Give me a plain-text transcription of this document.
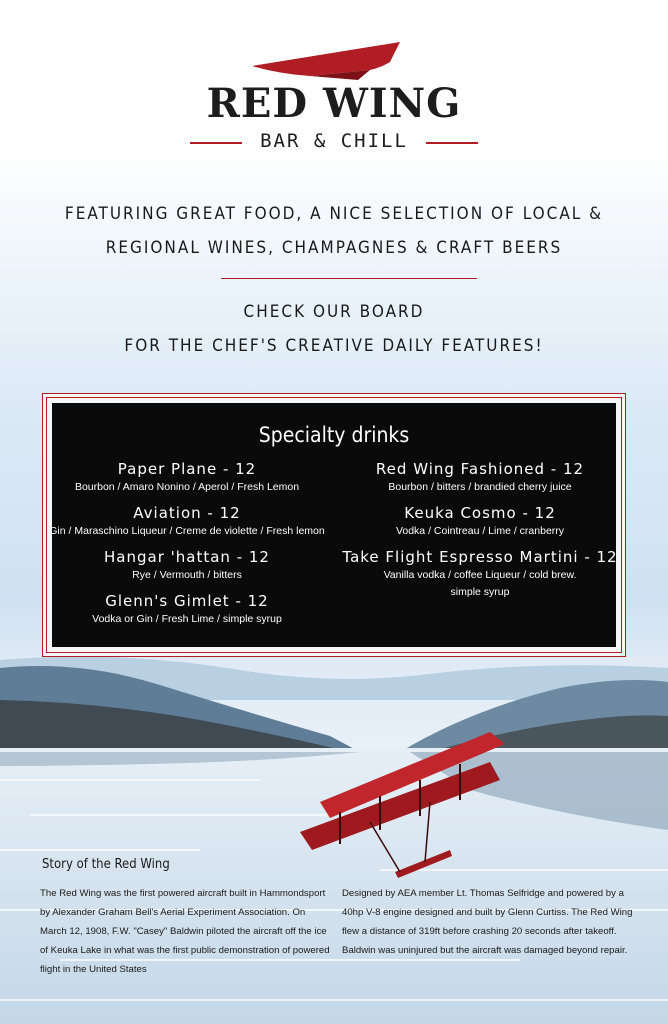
RED WING
BAR & CHILL
FEATURING GREAT FOOD, A NICE SELECTION OF LOCAL &
REGIONAL WINES, CHAMPAGNES & CRAFT BEERS
CHECK OUR BOARD
FOR THE CHEF'S CREATIVE DAILY FEATURES!
Specialty drinks
Paper Plane - 12
Bourbon / Amaro Nonino / Aperol / Fresh Lemon
Aviation - 12
Gin / Maraschino Liqueur / Creme de violette / Fresh lemon
Hangar 'hattan - 12
Rye / Vermouth / bitters
Glenn's Gimlet - 12
Vodka or Gin / Fresh Lime / simple syrup
Red Wing Fashioned - 12
Bourbon / bitters / brandied cherry juice
Keuka Cosmo - 12
Vodka / Cointreau / Lime / cranberry
Take Flight Espresso Martini - 12
Vanilla vodka / coffee Liqueur / cold brew.
simple syrup
Story of the Red Wing
The Red Wing was the first powered aircraft built in Hammondsport by Alexander Graham Bell's Aerial Experiment Association. On March 12, 1908, F.W. "Casey" Baldwin piloted the aircraft off the ice of Keuka Lake in what was the first public demonstration of powered flight in the United States
Designed by AEA member Lt. Thomas Selfridge and powered by a 40hp V-8 engine designed and built by Glenn Curtiss. The Red Wing flew a distance of 319ft before crashing 20 seconds after takeoff. Baldwin was uninjured but the aircraft was damaged beyond repair.
